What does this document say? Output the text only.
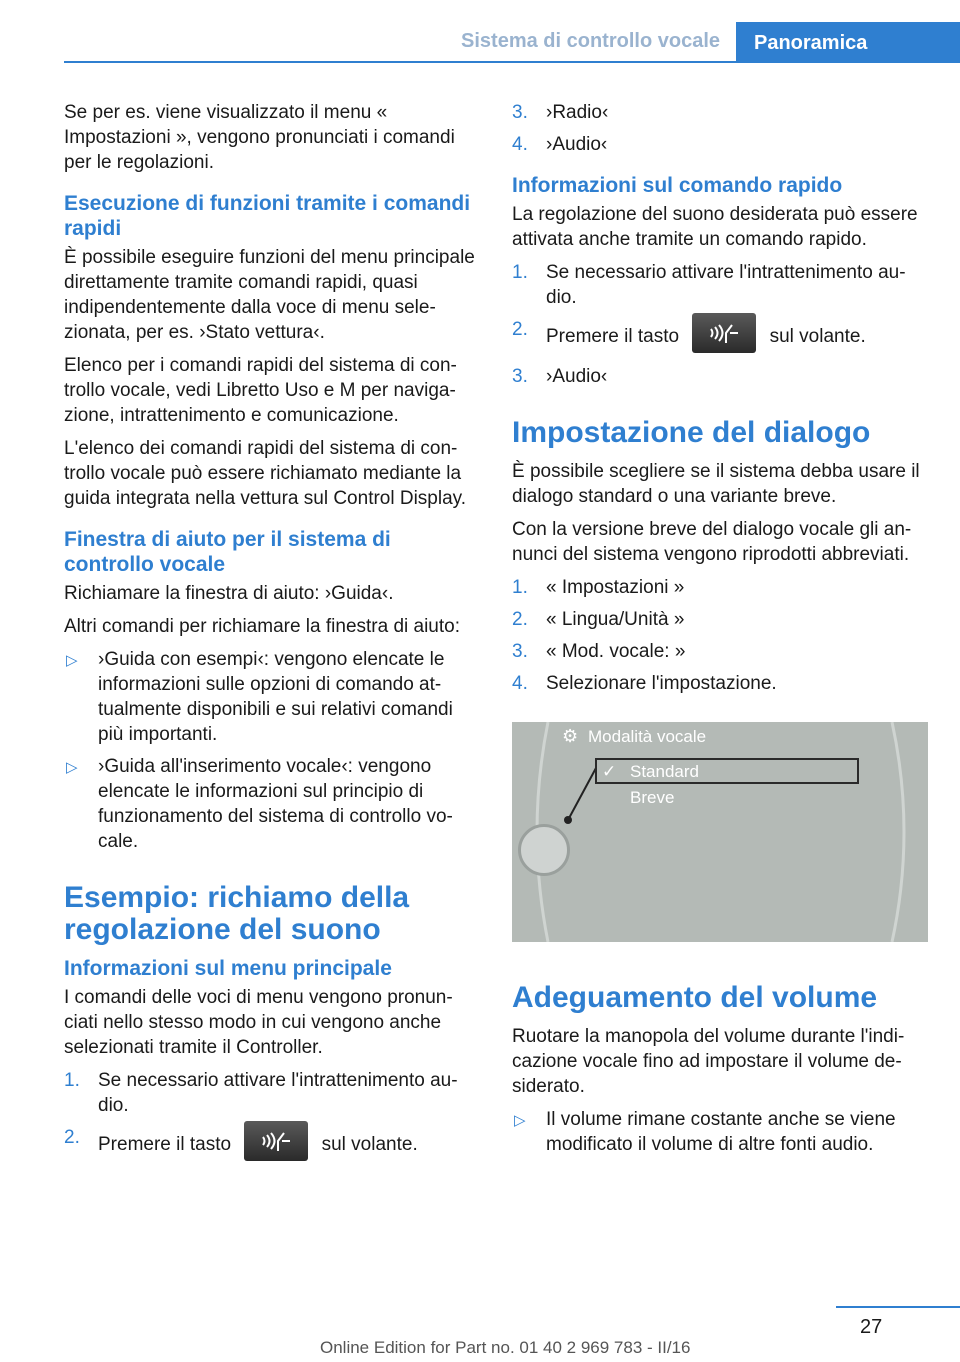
Sistema di controllo vocale	Panoramica

Se per es. viene visualizzato il menu « Impostazioni », vengono pronunciati i comandi per le regolazioni.

Esecuzione di funzioni tramite i comandi rapidi

È possibile eseguire funzioni del menu principale direttamente tramite comandi rapidi, quasi indipendentemente dalla voce di menu selezionata, per es. ›Stato vettura‹.

Elenco per i comandi rapidi del sistema di controllo vocale, vedi Libretto Uso e M per navigazione, intrattenimento e comunicazione.

L'elenco dei comandi rapidi del sistema di controllo vocale può essere richiamato mediante la guida integrata nella vettura sul Control Display.

Finestra di aiuto per il sistema di controllo vocale

Richiamare la finestra di aiuto: ›Guida‹.

Altri comandi per richiamare la finestra di aiuto:

▷ ›Guida con esempi‹: vengono elencate le informazioni sulle opzioni di comando attualmente disponibili e sui relativi comandi più importanti.
▷ ›Guida all'inserimento vocale‹: vengono elencate le informazioni sul principio di funzionamento del sistema di controllo vocale.
Esempio: richiamo della regolazione del suono
Informazioni sul menu principale

I comandi delle voci di menu vengono pronunciati nello stesso modo in cui vengono anche selezionati tramite il Controller.

1. Se necessario attivare l'intrattenimento audio.
2. Premere il tasto	sul volante.
3. ›Radio‹
4. ›Audio‹
Informazioni sul comando rapido

La regolazione del suono desiderata può essere attivata anche tramite un comando rapido.

1. Se necessario attivare l'intrattenimento audio.
2. Premere il tasto	sul volante.
3. ›Audio‹
Impostazione del dialogo

È possibile scegliere se il sistema debba usare il dialogo standard o una variante breve.

Con la versione breve del dialogo vocale gli annunci del sistema vengono riprodotti abbreviati.

1. « Impostazioni »
2. « Lingua/Unità »
3. « Mod. vocale: »
4. Selezionare l'impostazione.
⚙ Modalità vocale
✓ Standard
Breve
Adeguamento del volume

Ruotare la manopola del volume durante l'indicazione vocale fino ad impostare il volume desiderato.

▷ Il volume rimane costante anche se viene modificato il volume di altre fonti audio.
27
Online Edition for Part no. 01 40 2 969 783 - II/16
